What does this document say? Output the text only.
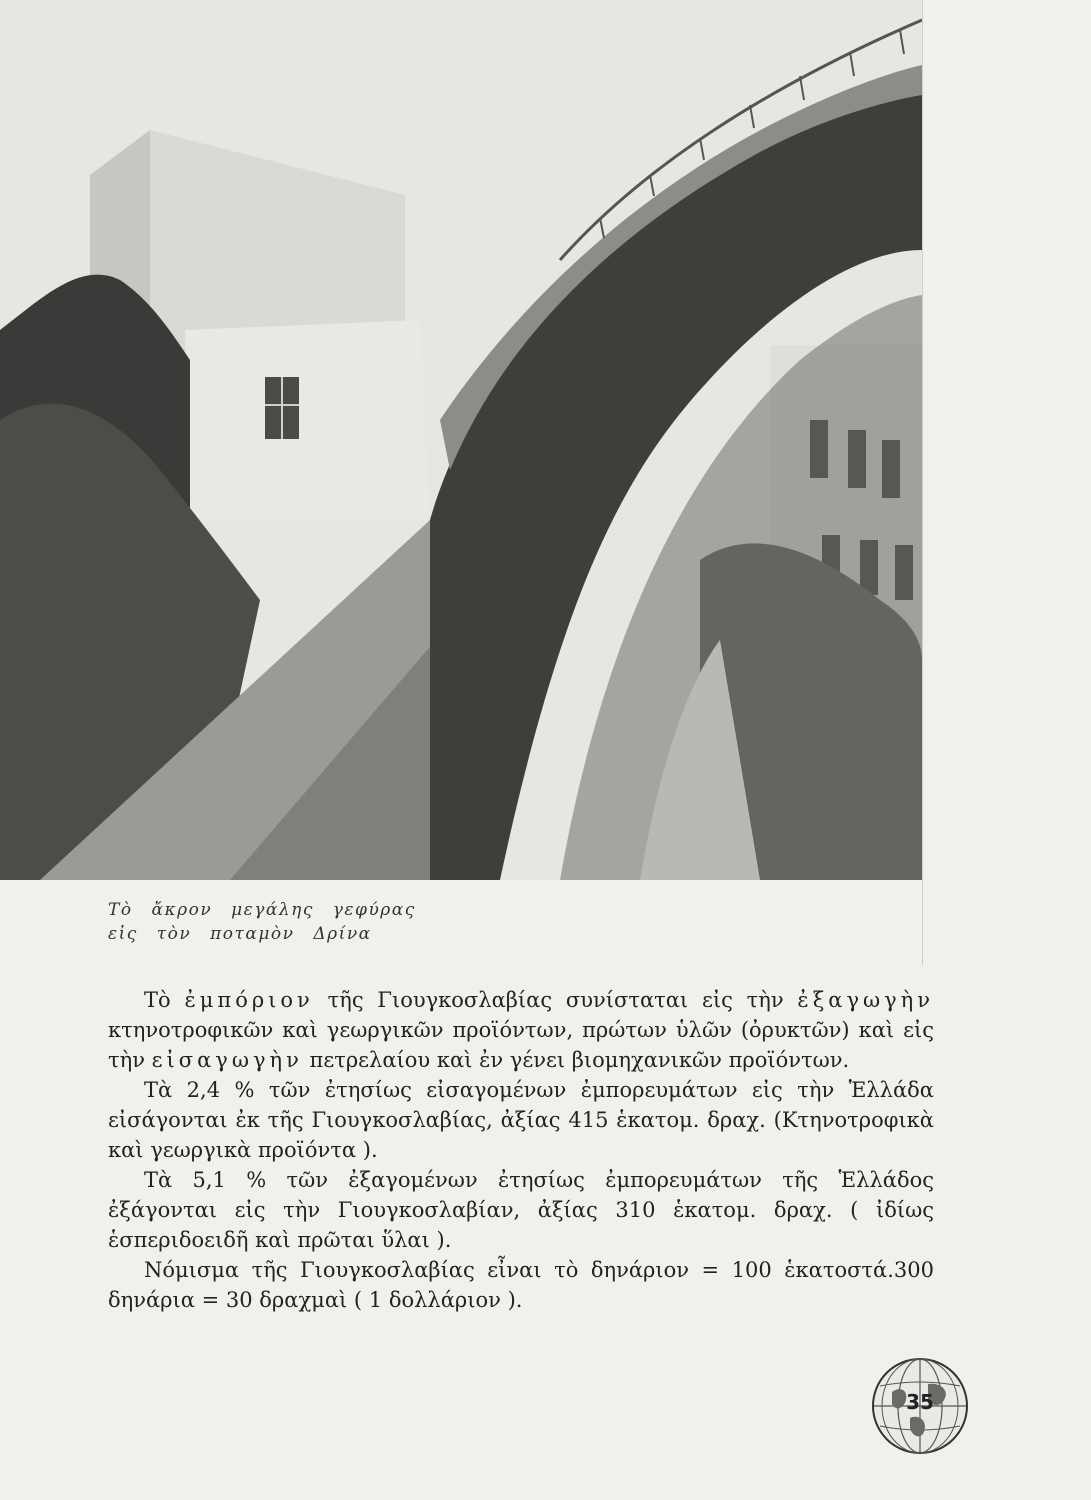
Τὸ ἄκρον μεγάλης γεφύρας
εἰς τὸν ποταμὸν Δρίνα

Τὸ ἐμπόριον τῆς Γιουγκοσλαβίας συνίσταται εἰς τὴν ἐξαγωγὴν κτηνοτροφικῶν καὶ γεωργικῶν προϊόντων, πρώτων ὑλῶν (ὀρυκτῶν) καὶ εἰς τὴν εἰσαγωγὴν πετρελαίου καὶ ἐν γένει βιομηχανικῶν προϊόντων.

Τὰ 2,4 % τῶν ἐτησίως εἰσαγομένων ἐμπορευμάτων εἰς τὴν Ἑλλάδα εἰσάγονται ἐκ τῆς Γιουγκοσλαβίας, ἀξίας 415 ἑκατομ. δραχ. (Κτηνοτροφικὰ καὶ γεωργικὰ προϊόντα ).

Τὰ 5,1 % τῶν ἐξαγομένων ἐτησίως ἐμπορευμάτων τῆς Ἑλλάδος ἐξάγονται εἰς τὴν Γιουγκοσλαβίαν, ἀξίας 310 ἑκατομ. δραχ. ( ἰδίως ἑσπεριδοειδῆ καὶ πρῶται ὕλαι ).

Νόμισμα τῆς Γιουγκοσλαβίας εἶναι τὸ δηνάριον = 100 ἑκατοστά.300 δηνάρια = 30 δραχμαὶ ( 1 δολλάριον ).

35
